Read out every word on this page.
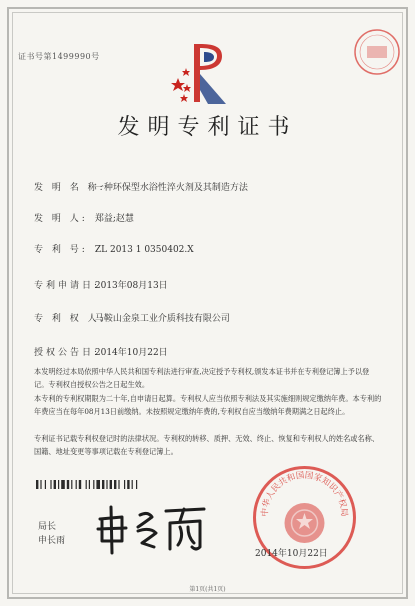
证书号第1499990号
发明专利证书
发 明 名 称: 一种环保型水浴性淬火剂及其制造方法
发 明 人: 郑益;赵慧
专 利 号: ZL 2013 1 0350402.X
专利申请日: 2013年08月13日
专 利 权 人: 马鞍山金泉工业介质科技有限公司
授权公告日: 2014年10月22日
本发明经过本局依照中华人民共和国专利法进行审查,决定授予专利权,颁发本证书并在专利登记簿上予以登记。专利权自授权公告之日起生效。
本专利的专利权期限为二十年,自申请日起算。专利权人应当依照专利法及其实施细则规定缴纳年费。本专利的年费应当在每年08月13日前缴纳。未按照规定缴纳年费的,专利权自应当缴纳年费期满之日起终止。
专利证书记载专利权登记时的法律状况。专利权的转移、质押、无效、终止、恢复和专利权人的姓名或名称、国籍、地址变更等事项记载在专利登记簿上。
局长
申长雨
中华人民共和国国家知识产权局
2014年10月22日
第1页(共1页)
